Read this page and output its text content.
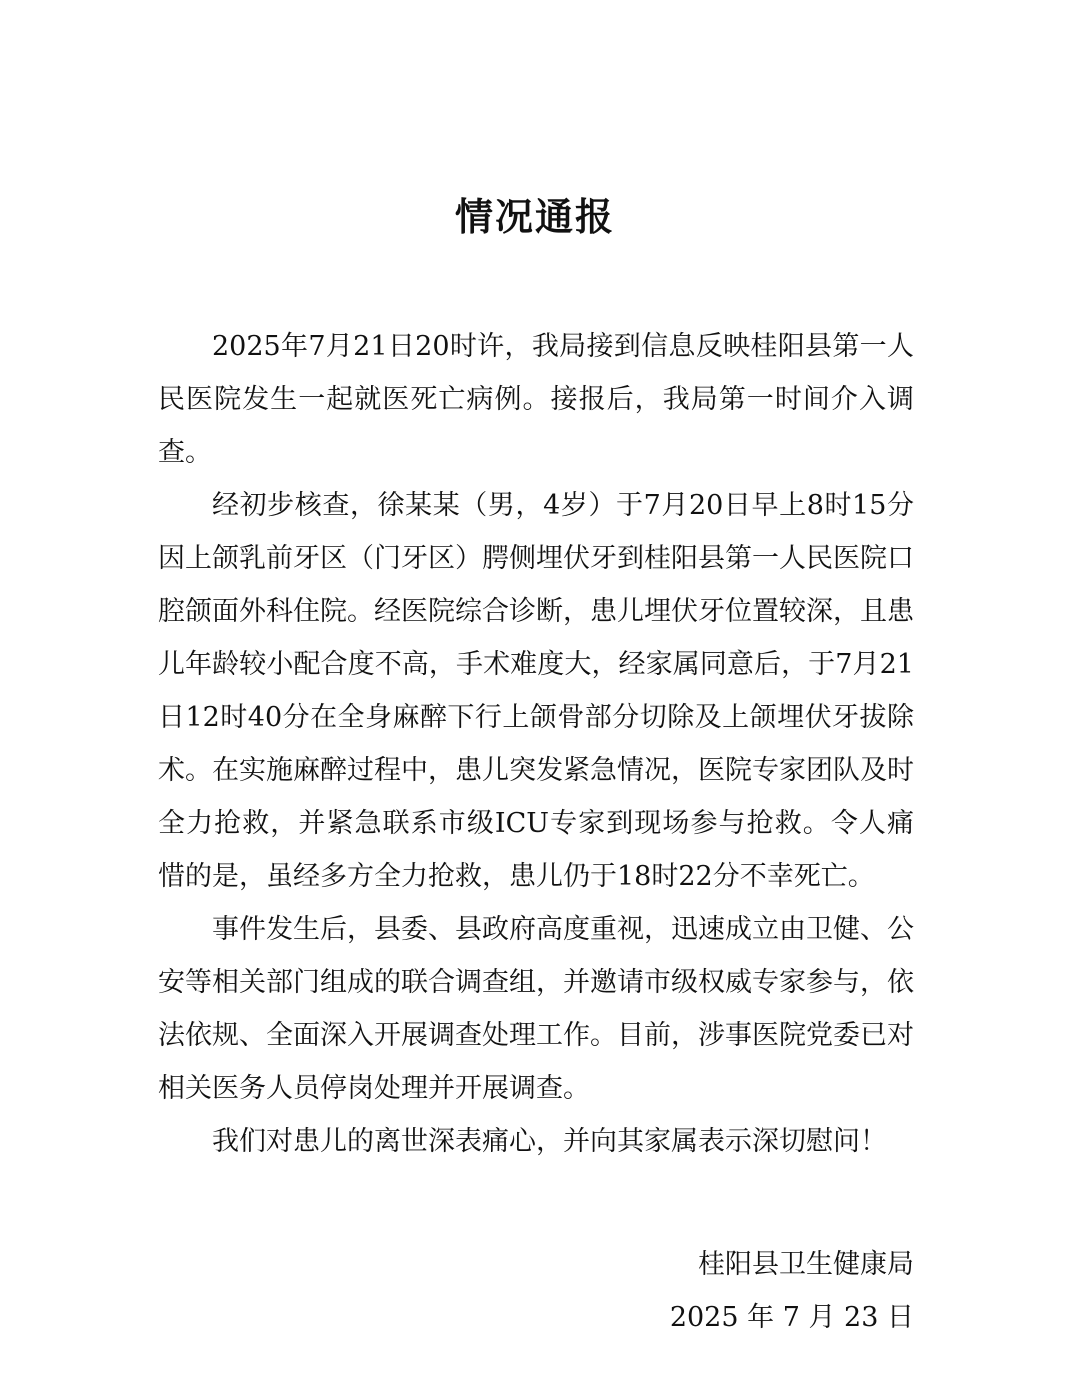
情况通报

2025年7月21日20时许，我局接到信息反映桂阳县第一人民医院发生一起就医死亡病例。接报后，我局第一时间介入调查。

经初步核查，徐某某（男，4岁）于7月20日早上8时15分因上颌乳前牙区（门牙区）腭侧埋伏牙到桂阳县第一人民医院口腔颌面外科住院。经医院综合诊断，患儿埋伏牙位置较深，且患儿年龄较小配合度不高，手术难度大，经家属同意后，于7月21日12时40分在全身麻醉下行上颌骨部分切除及上颌埋伏牙拔除术。在实施麻醉过程中，患儿突发紧急情况，医院专家团队及时全力抢救，并紧急联系市级ICU专家到现场参与抢救。令人痛惜的是，虽经多方全力抢救，患儿仍于18时22分不幸死亡。

事件发生后，县委、县政府高度重视，迅速成立由卫健、公安等相关部门组成的联合调查组，并邀请市级权威专家参与，依法依规、全面深入开展调查处理工作。目前，涉事医院党委已对相关医务人员停岗处理并开展调查。

我们对患儿的离世深表痛心，并向其家属表示深切慰问！

桂阳县卫生健康局
2025 年 7 月 23 日
